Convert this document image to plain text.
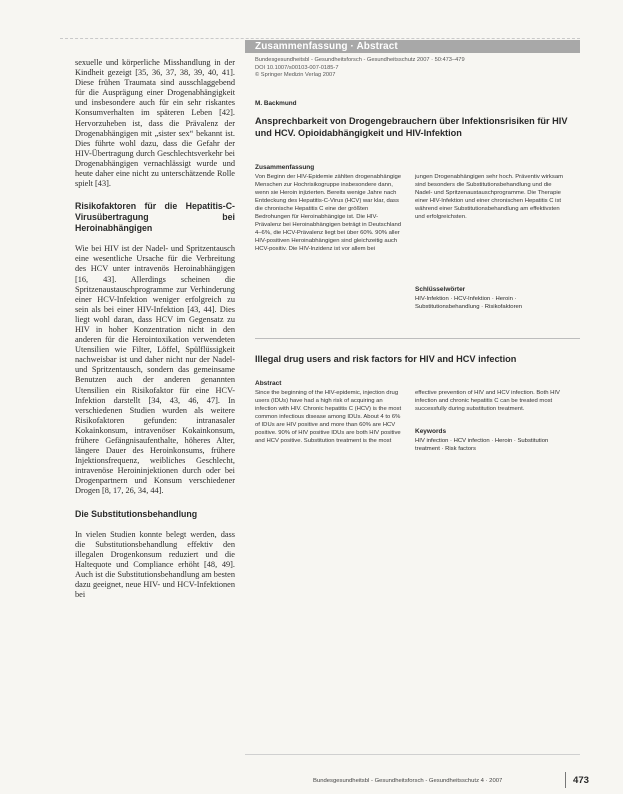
Zusammenfassung · Abstract

sexuelle und körperliche Misshandlung in der Kindheit gezeigt [35, 36, 37, 38, 39, 40, 41]. Diese frühen Traumata sind ausschlaggebend für die Ausprägung einer Drogenabhängigkeit und insbesondere auch für ein sehr riskantes Konsumverhalten im späteren Leben [42]. Hervorzuheben ist, dass die Prävalenz der Drogenabhängigen mit „sister sex“ bekannt ist. Dies führte wohl dazu, dass die Gefahr der HIV-Übertragung durch Geschlechtsverkehr bei Drogenabhängigen vernachlässigt wurde und heute daher eine nicht zu unterschätzende Rolle spielt [43].

Risikofaktoren für die Hepatitis-C-Virusübertragung bei Heroinabhängigen

Wie bei HIV ist der Nadel- und Spritzentausch eine wesentliche Ursache für die Verbreitung des HCV unter intravenös Heroinabhängigen [16, 43]. Allerdings scheinen die Spritzenaustauschprogramme zur Verhinderung einer HCV-Infektion weniger erfolgreich zu sein als bei einer HIV-Infektion [43, 44]. Dies liegt wohl daran, dass HCV im Gegensatz zu HIV in hoher Konzentration nicht in den anderen für die Herointoxikation verwendeten Utensilien wie Filter, Löffel, Spülflüssigkeit nachweisbar ist und daher nicht nur der Nadel- und Spritzentausch, sondern das gemeinsame Benutzen auch der anderen genannten Utensilien ein Risikofaktor für eine HCV-Infektion darstellt [34, 43, 46, 47]. In verschiedenen Studien wurden als weitere Risikofaktoren gefunden: intranasaler Kokainkonsum, intravenöser Kokainkonsum, frühere Gefängnisaufenthalte, höheres Alter, längere Dauer des Heroinkonsums, frühere Injektionsfrequenz, weibliches Geschlecht, intravenöse Heroininjektionen durch oder bei Drogenpartnern und Konsum verschiedener Drogen [8, 17, 26, 34, 44].

Die Substitutionsbehandlung

In vielen Studien konnte belegt werden, dass die Substitutionsbehandlung effektiv den illegalen Drogenkonsum reduziert und die Haltequote und Compliance erhöht [48, 49]. Auch ist die Substitutionsbehandlung am besten dazu geeignet, neue HIV- und HCV-Infektionen bei

Bundesgesundheitsbl - Gesundheitsforsch - Gesundheitsschutz 2007 · 50:473–479
DOI 10.1007/s00103-007-0185-7
© Springer Medizin Verlag 2007
M. Backmund
Ansprechbarkeit von Drogengebrauchern über Infektionsrisiken für HIV und HCV. Opioidabhängigkeit und HIV-Infektion
Zusammenfassung
Von Beginn der HIV-Epidemie zählten drogenabhängige Menschen zur Hochrisikogruppe insbesondere dann, wenn sie Heroin injizierten. Bereits wenige Jahre nach Entdeckung des Hepatitis-C-Virus (HCV) war klar, dass die chronische Hepatitis C eine der größten Bedrohungen für Heroinabhängige ist. Die HIV-Prävalenz bei Heroinabhängigen beträgt in Deutschland 4–6%, die HCV-Prävalenz liegt bei über 60%. 90% aller HIV-positiven Heroinabhängigen sind gleichzeitig auch HCV-positiv. Die HIV-Inzidenz ist vor allem bei
jungen Drogenabhängigen sehr hoch. Präventiv wirksam sind besonders die Substitutionsbehandlung und die Nadel- und Spritzenaustauschprogramme. Die Therapie einer HIV-Infektion und einer chronischen Hepatitis C ist während einer Substitutionsbehandlung am effektivsten und erfolgreichsten.
Schlüsselwörter
HIV-Infektion · HCV-Infektion · Heroin · Substitutionsbehandlung · Risikofaktoren
Illegal drug users and risk factors for HIV and HCV infection
Abstract
Since the beginning of the HIV-epidemic, injection drug users (IDUs) have had a high risk of acquiring an infection with HIV. Chronic hepatitis C (HCV) is the most common infectious disease among IDUs. About 4 to 6% of IDUs are HIV positive and more than 60% are HCV positive. 90% of HIV positive IDUs are both HIV positive and HCV positive. Substitution treatment is the most
effective prevention of HIV and HCV infection. Both HIV infection and chronic hepatitis C can be treated most successfully during substitution treatment.
Keywords
HIV infection · HCV infection · Heroin · Substitution treatment · Risk factors
Bundesgesundheitsbl - Gesundheitsforsch - Gesundheitsschutz 4 · 2007	473
